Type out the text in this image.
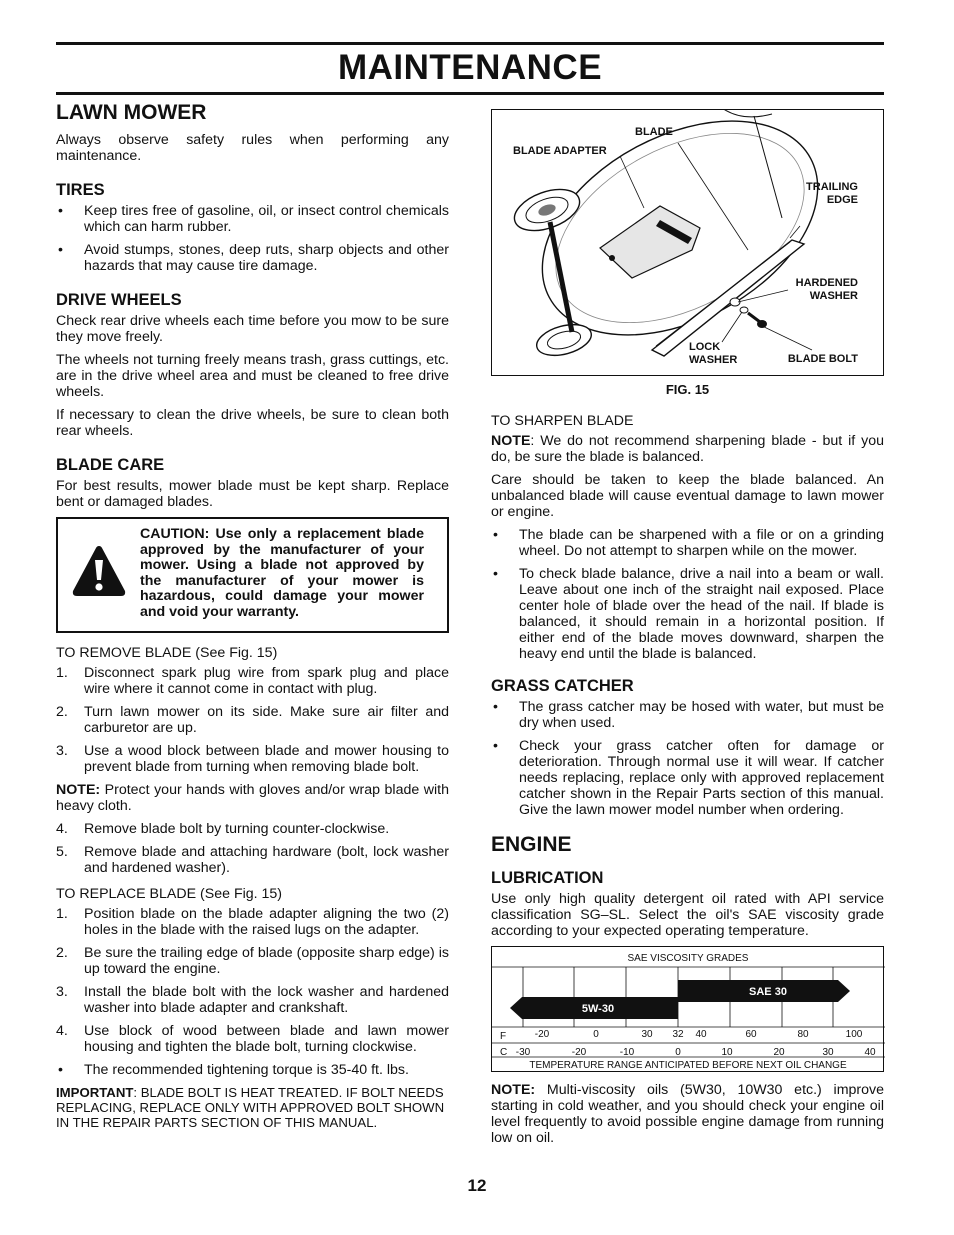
MAINTENANCE
LAWN MOWER
Always observe safety rules when performing any maintenance.
TIRES
•	Keep tires free of gasoline, oil, or insect control chemicals which can harm rubber.
•	Avoid stumps, stones, deep ruts, sharp objects and other hazards that may cause tire damage.
DRIVE WHEELS
Check rear drive wheels each time before you mow to be sure they move freely.
The wheels not turning freely means trash, grass cuttings, etc. are in the drive wheel area and must be cleaned to free drive wheels.
If necessary to clean the drive wheels, be sure to clean both rear wheels.
BLADE CARE
For best results, mower blade must be kept sharp. Replace bent or damaged blades.
CAUTION: Use only a replacement blade approved by the manufacturer of your mower. Using a blade not approved by the manufacturer of your mower is hazardous, could damage your mower and void your warranty.
TO REMOVE BLADE (See Fig. 15)
1.	Disconnect spark plug wire from spark plug and place wire where it cannot come in contact with plug.
2.	Turn lawn mower on its side. Make sure air filter and carburetor are up.
3.	Use a wood block between blade and mower housing to prevent blade from turning when removing blade bolt.
NOTE: Protect your hands with gloves and/or wrap blade with heavy cloth.
4.	Remove blade bolt by turning counter-clockwise.
5.	Remove blade and attaching hardware (bolt, lock washer and hardened washer).
TO REPLACE BLADE (See Fig. 15)
1.	Position blade on the blade adapter aligning the two (2) holes in the blade with the raised lugs on the adapter.
2.	Be sure the trailing edge of blade (opposite sharp edge) is up toward the engine.
3.	Install the blade bolt with the lock washer and hardened washer into blade adapter and crankshaft.
4.	Use block of wood between blade and lawn mower housing and tighten the blade bolt, turning clockwise.
•	The recommended tightening torque is 35-40 ft. lbs.
IMPORTANT: BLADE BOLT IS HEAT TREATED. IF BOLT NEEDS REPLACING, REPLACE ONLY WITH APPROVED BOLT SHOWN IN THE REPAIR PARTS SECTION OF THIS MANUAL.
BLADE
BLADE ADAPTER
TRAILING
EDGE
HARDENED
WASHER
LOCK
WASHER	BLADE BOLT
FIG. 15
TO SHARPEN BLADE
NOTE: We do not recommend sharpening blade - but if you do, be sure the blade is balanced.
Care should be taken to keep the blade balanced. An unbalanced blade will cause eventual damage to lawn mower or engine.
•	The blade can be sharpened with a file or on a grinding wheel. Do not attempt to sharpen while on the mower.
•	To check blade balance, drive a nail into a beam or wall. Leave about one inch of the straight nail exposed. Place center hole of blade over the head of the nail. If blade is balanced, it should remain in a horizontal position. If either end of the blade moves downward, sharpen the heavy end until the blade is balanced.
GRASS CATCHER
•	The grass catcher may be hosed with water, but must be dry when used.
•	Check your grass catcher often for damage or deterioration. Through normal use it will wear. If catcher needs replacing, replace only with approved replacement catcher shown in the Repair Parts section of this manual. Give the lawn mower model number when ordering.
ENGINE
LUBRICATION
Use only high quality detergent oil rated with API service classification SG–SL. Select the oil's SAE viscosity grade according to your expected operating temperature.
SAE VISCOSITY GRADES
SAE 30
5W-30
F	-20	0	30 32 40	60	80	100
C -30	-20	-10	0	10	20	30	40
TEMPERATURE RANGE ANTICIPATED BEFORE NEXT OIL CHANGE
NOTE: Multi-viscosity oils (5W30, 10W30 etc.) improve starting in cold weather, and you should check your engine oil level frequently to avoid possible engine damage from running low on oil.
12
